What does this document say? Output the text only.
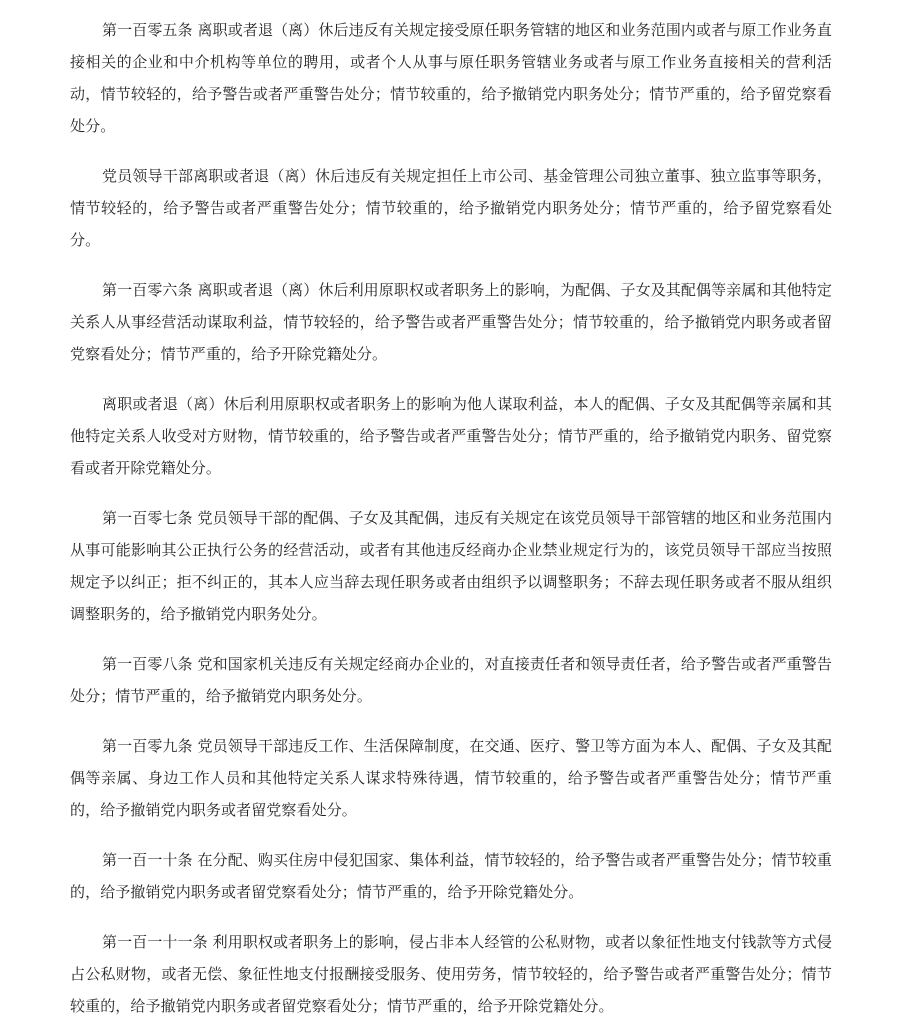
第一百零五条 离职或者退（离）休后违反有关规定接受原任职务管辖的地区和业务范围内或者与原工作业务直接相关的企业和中介机构等单位的聘用，或者个人从事与原任职务管辖业务或者与原工作业务直接相关的营利活动，情节较轻的，给予警告或者严重警告处分；情节较重的，给予撤销党内职务处分；情节严重的，给予留党察看处分。

党员领导干部离职或者退（离）休后违反有关规定担任上市公司、基金管理公司独立董事、独立监事等职务，情节较轻的，给予警告或者严重警告处分；情节较重的，给予撤销党内职务处分；情节严重的，给予留党察看处分。

第一百零六条 离职或者退（离）休后利用原职权或者职务上的影响，为配偶、子女及其配偶等亲属和其他特定关系人从事经营活动谋取利益，情节较轻的，给予警告或者严重警告处分；情节较重的，给予撤销党内职务或者留党察看处分；情节严重的，给予开除党籍处分。

离职或者退（离）休后利用原职权或者职务上的影响为他人谋取利益，本人的配偶、子女及其配偶等亲属和其他特定关系人收受对方财物，情节较重的，给予警告或者严重警告处分；情节严重的，给予撤销党内职务、留党察看或者开除党籍处分。

第一百零七条 党员领导干部的配偶、子女及其配偶，违反有关规定在该党员领导干部管辖的地区和业务范围内从事可能影响其公正执行公务的经营活动，或者有其他违反经商办企业禁业规定行为的，该党员领导干部应当按照规定予以纠正；拒不纠正的，其本人应当辞去现任职务或者由组织予以调整职务；不辞去现任职务或者不服从组织调整职务的，给予撤销党内职务处分。

第一百零八条 党和国家机关违反有关规定经商办企业的，对直接责任者和领导责任者，给予警告或者严重警告处分；情节严重的，给予撤销党内职务处分。

第一百零九条 党员领导干部违反工作、生活保障制度，在交通、医疗、警卫等方面为本人、配偶、子女及其配偶等亲属、身边工作人员和其他特定关系人谋求特殊待遇，情节较重的，给予警告或者严重警告处分；情节严重的，给予撤销党内职务或者留党察看处分。

第一百一十条 在分配、购买住房中侵犯国家、集体利益，情节较轻的，给予警告或者严重警告处分；情节较重的，给予撤销党内职务或者留党察看处分；情节严重的，给予开除党籍处分。

第一百一十一条 利用职权或者职务上的影响，侵占非本人经管的公私财物，或者以象征性地支付钱款等方式侵占公私财物，或者无偿、象征性地支付报酬接受服务、使用劳务，情节较轻的，给予警告或者严重警告处分；情节较重的，给予撤销党内职务或者留党察看处分；情节严重的，给予开除党籍处分。
